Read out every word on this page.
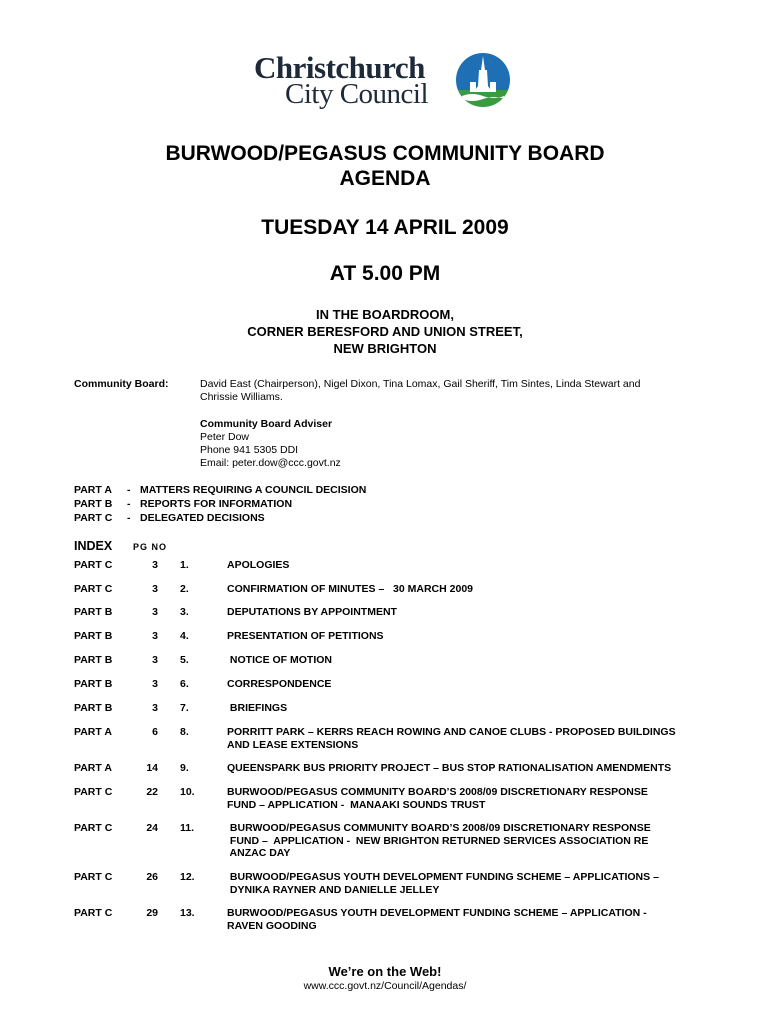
Christchurch
City Council
BURWOOD/PEGASUS COMMUNITY BOARD
AGENDA
TUESDAY 14 APRIL 2009
AT 5.00 PM
IN THE BOARDROOM,
CORNER BERESFORD AND UNION STREET,
NEW BRIGHTON
Community Board:	David East (Chairperson), Nigel Dixon, Tina Lomax, Gail Sheriff, Tim Sintes, Linda Stewart and
Chrissie Williams.
Community Board Adviser
Peter Dow
Phone 941 5305 DDI
Email: peter.dow@ccc.govt.nz
PART A - MATTERS REQUIRING A COUNCIL DECISION
PART B - REPORTS FOR INFORMATION
PART C - DELEGATED DECISIONS
INDEX PG NO
PART C	3 1.	APOLOGIES
PART C	3 2.	CONFIRMATION OF MINUTES –   30 MARCH 2009
PART B	3 3.	DEPUTATIONS BY APPOINTMENT
PART B	3 4.	PRESENTATION OF PETITIONS
PART B	3 5.	NOTICE OF MOTION
PART B	3 6.	CORRESPONDENCE
PART B	3 7.	BRIEFINGS
PART A	6 8.	PORRITT PARK – KERRS REACH ROWING AND CANOE CLUBS - PROPOSED BUILDINGS
AND LEASE EXTENSIONS
PART A	14 9.	QUEENSPARK BUS PRIORITY PROJECT – BUS STOP RATIONALISATION AMENDMENTS
PART C	22 10.	BURWOOD/PEGASUS COMMUNITY BOARD’S 2008/09 DISCRETIONARY RESPONSE
FUND – APPLICATION -  MANAAKI SOUNDS TRUST
PART C	24 11.	BURWOOD/PEGASUS COMMUNITY BOARD’S 2008/09 DISCRETIONARY RESPONSE
FUND –  APPLICATION -  NEW BRIGHTON RETURNED SERVICES ASSOCIATION RE
ANZAC DAY
PART C	26 12.	BURWOOD/PEGASUS YOUTH DEVELOPMENT FUNDING SCHEME – APPLICATIONS –
DYNIKA RAYNER AND DANIELLE JELLEY
PART C	29 13.	BURWOOD/PEGASUS YOUTH DEVELOPMENT FUNDING SCHEME – APPLICATION -
RAVEN GOODING
We’re on the Web!
www.ccc.govt.nz/Council/Agendas/
